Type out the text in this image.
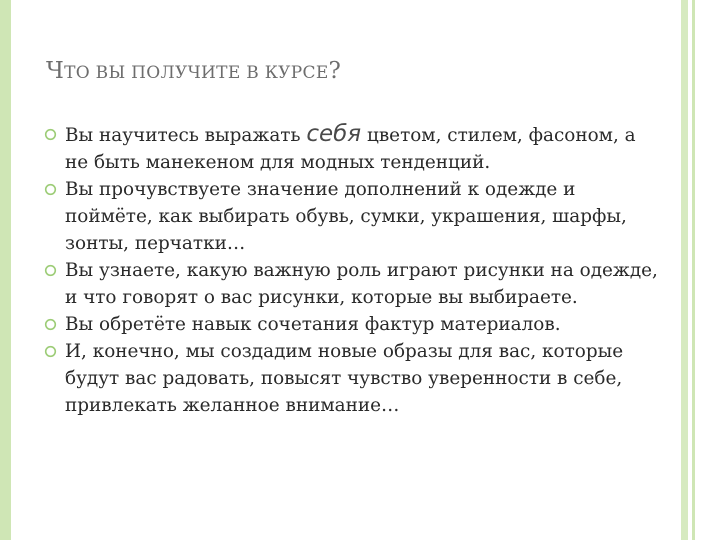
ЧТО ВЫ ПОЛУЧИТЕ В КУРСЕ?
Вы научитесь выражать себя цветом, стилем, фасоном, а не быть манекеном для модных тенденций.
Вы прочувствуете значение дополнений к одежде и поймёте, как выбирать обувь, сумки, украшения, шарфы, зонты, перчатки…
Вы узнаете, какую важную роль играют рисунки на одежде, и что говорят о вас рисунки, которые вы выбираете.
Вы обретёте навык сочетания фактур материалов.
И, конечно, мы создадим новые образы для вас, которые будут вас радовать, повысят чувство уверенности в себе, привлекать желанное внимание…
